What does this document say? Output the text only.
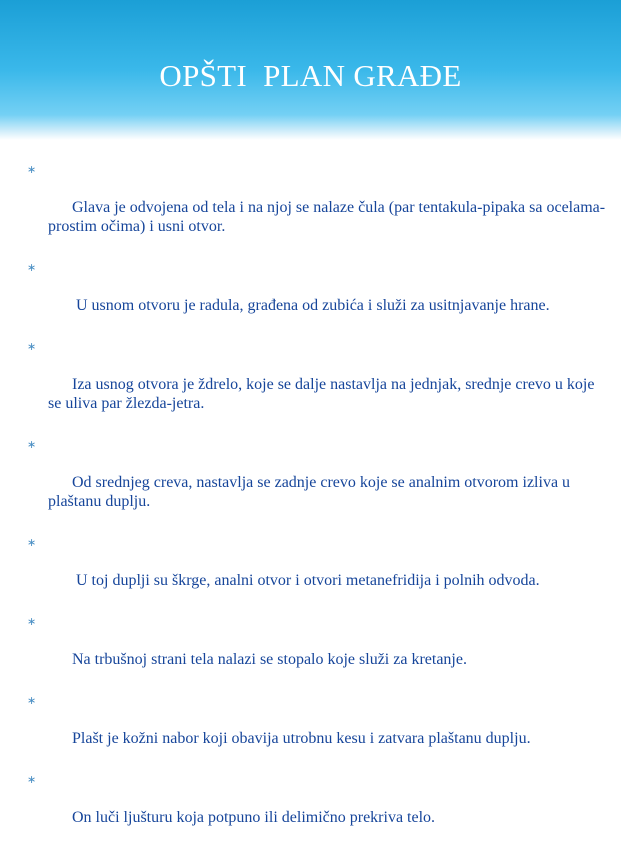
OPŠTI  PLAN GRAĐE

∗

Glava je odvojena od tela i na njoj se nalaze čula (par tentakula-pipaka sa ocelama-prostim očima) i usni otvor.

∗

U usnom otvoru je radula, građena od zubića i služi za usitnjavanje hrane.

∗

Iza usnog otvora je ždrelo, koje se dalje nastavlja na jednjak, srednje crevo u koje se uliva par žlezda-jetra.

∗

Od srednjeg creva, nastavlja se zadnje crevo koje se analnim otvorom izliva u plaštanu duplju.

∗

U toj duplji su škrge, analni otvor i otvori metanefridija i polnih odvoda.

∗

Na trbušnoj strani tela nalazi se stopalo koje služi za kretanje.

∗

Plašt je kožni nabor koji obavija utrobnu kesu i zatvara plaštanu duplju.

∗

On luči ljušturu koja potpuno ili delimično prekriva telo.
